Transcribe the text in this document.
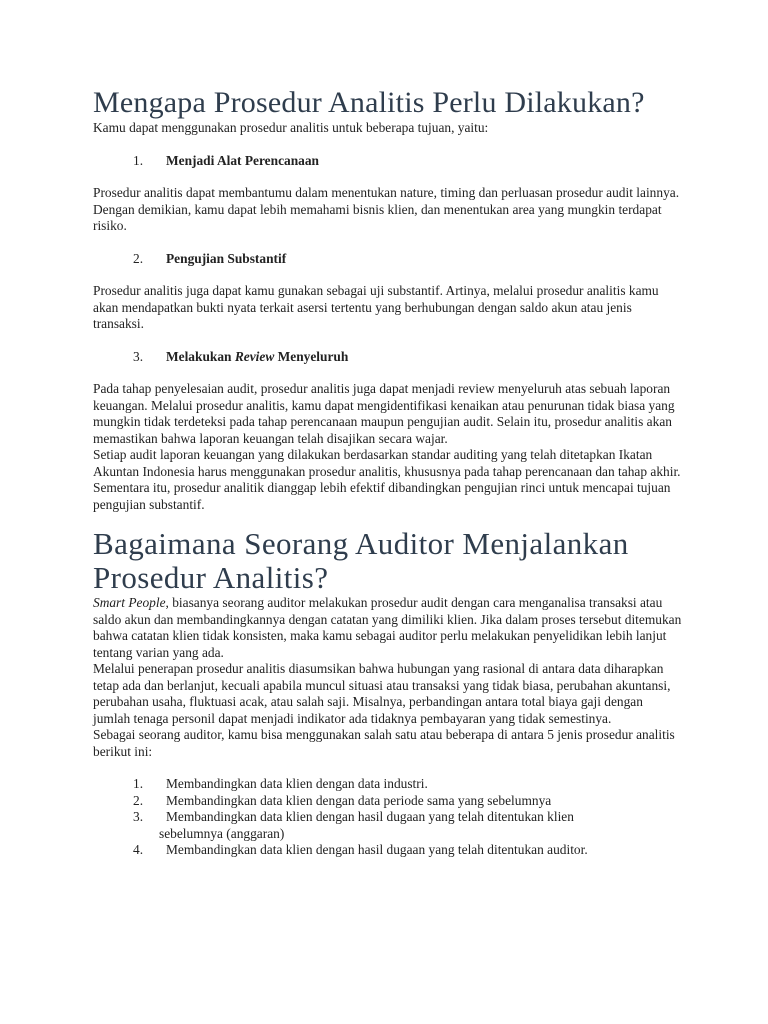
Mengapa Prosedur Analitis Perlu Dilakukan?

Kamu dapat menggunakan prosedur analitis untuk beberapa tujuan, yaitu:

1.	Menjadi Alat Perencanaan

Prosedur analitis dapat membantumu dalam menentukan nature, timing dan perluasan prosedur audit lainnya. Dengan demikian, kamu dapat lebih memahami bisnis klien, dan menentukan area yang mungkin terdapat risiko.

2.	Pengujian Substantif

Prosedur analitis juga dapat kamu gunakan sebagai uji substantif. Artinya, melalui prosedur analitis kamu akan mendapatkan bukti nyata terkait asersi tertentu yang berhubungan dengan saldo akun atau jenis transaksi.

3.	Melakukan Review Menyeluruh

Pada tahap penyelesaian audit, prosedur analitis juga dapat menjadi review menyeluruh atas sebuah laporan keuangan. Melalui prosedur analitis, kamu dapat mengidentifikasi kenaikan atau penurunan tidak biasa yang mungkin tidak terdeteksi pada tahap perencanaan maupun pengujian audit. Selain itu, prosedur analitis akan memastikan bahwa laporan keuangan telah disajikan secara wajar.

Setiap audit laporan keuangan yang dilakukan berdasarkan standar auditing yang telah ditetapkan Ikatan Akuntan Indonesia harus menggunakan prosedur analitis, khususnya pada tahap perencanaan dan tahap akhir. Sementara itu, prosedur analitik dianggap lebih efektif dibandingkan pengujian rinci untuk mencapai tujuan pengujian substantif.

Bagaimana Seorang Auditor Menjalankan Prosedur Analitis?

Smart People, biasanya seorang auditor melakukan prosedur audit dengan cara menganalisa transaksi atau saldo akun dan membandingkannya dengan catatan yang dimiliki klien. Jika dalam proses tersebut ditemukan bahwa catatan klien tidak konsisten, maka kamu sebagai auditor perlu melakukan penyelidikan lebih lanjut tentang varian yang ada.

Melalui penerapan prosedur analitis diasumsikan bahwa hubungan yang rasional di antara data diharapkan tetap ada dan berlanjut, kecuali apabila muncul situasi atau transaksi yang tidak biasa, perubahan akuntansi, perubahan usaha, fluktuasi acak, atau salah saji. Misalnya, perbandingan antara total biaya gaji dengan jumlah tenaga personil dapat menjadi indikator ada tidaknya pembayaran yang tidak semestinya.

Sebagai seorang auditor, kamu bisa menggunakan salah satu atau beberapa di antara 5 jenis prosedur analitis berikut ini:

1.	Membandingkan data klien dengan data industri.
2.	Membandingkan data klien dengan data periode sama yang sebelumnya
3.	Membandingkan data klien dengan hasil dugaan yang telah ditentukan klien
sebelumnya (anggaran)
4.	Membandingkan data klien dengan hasil dugaan yang telah ditentukan auditor.
